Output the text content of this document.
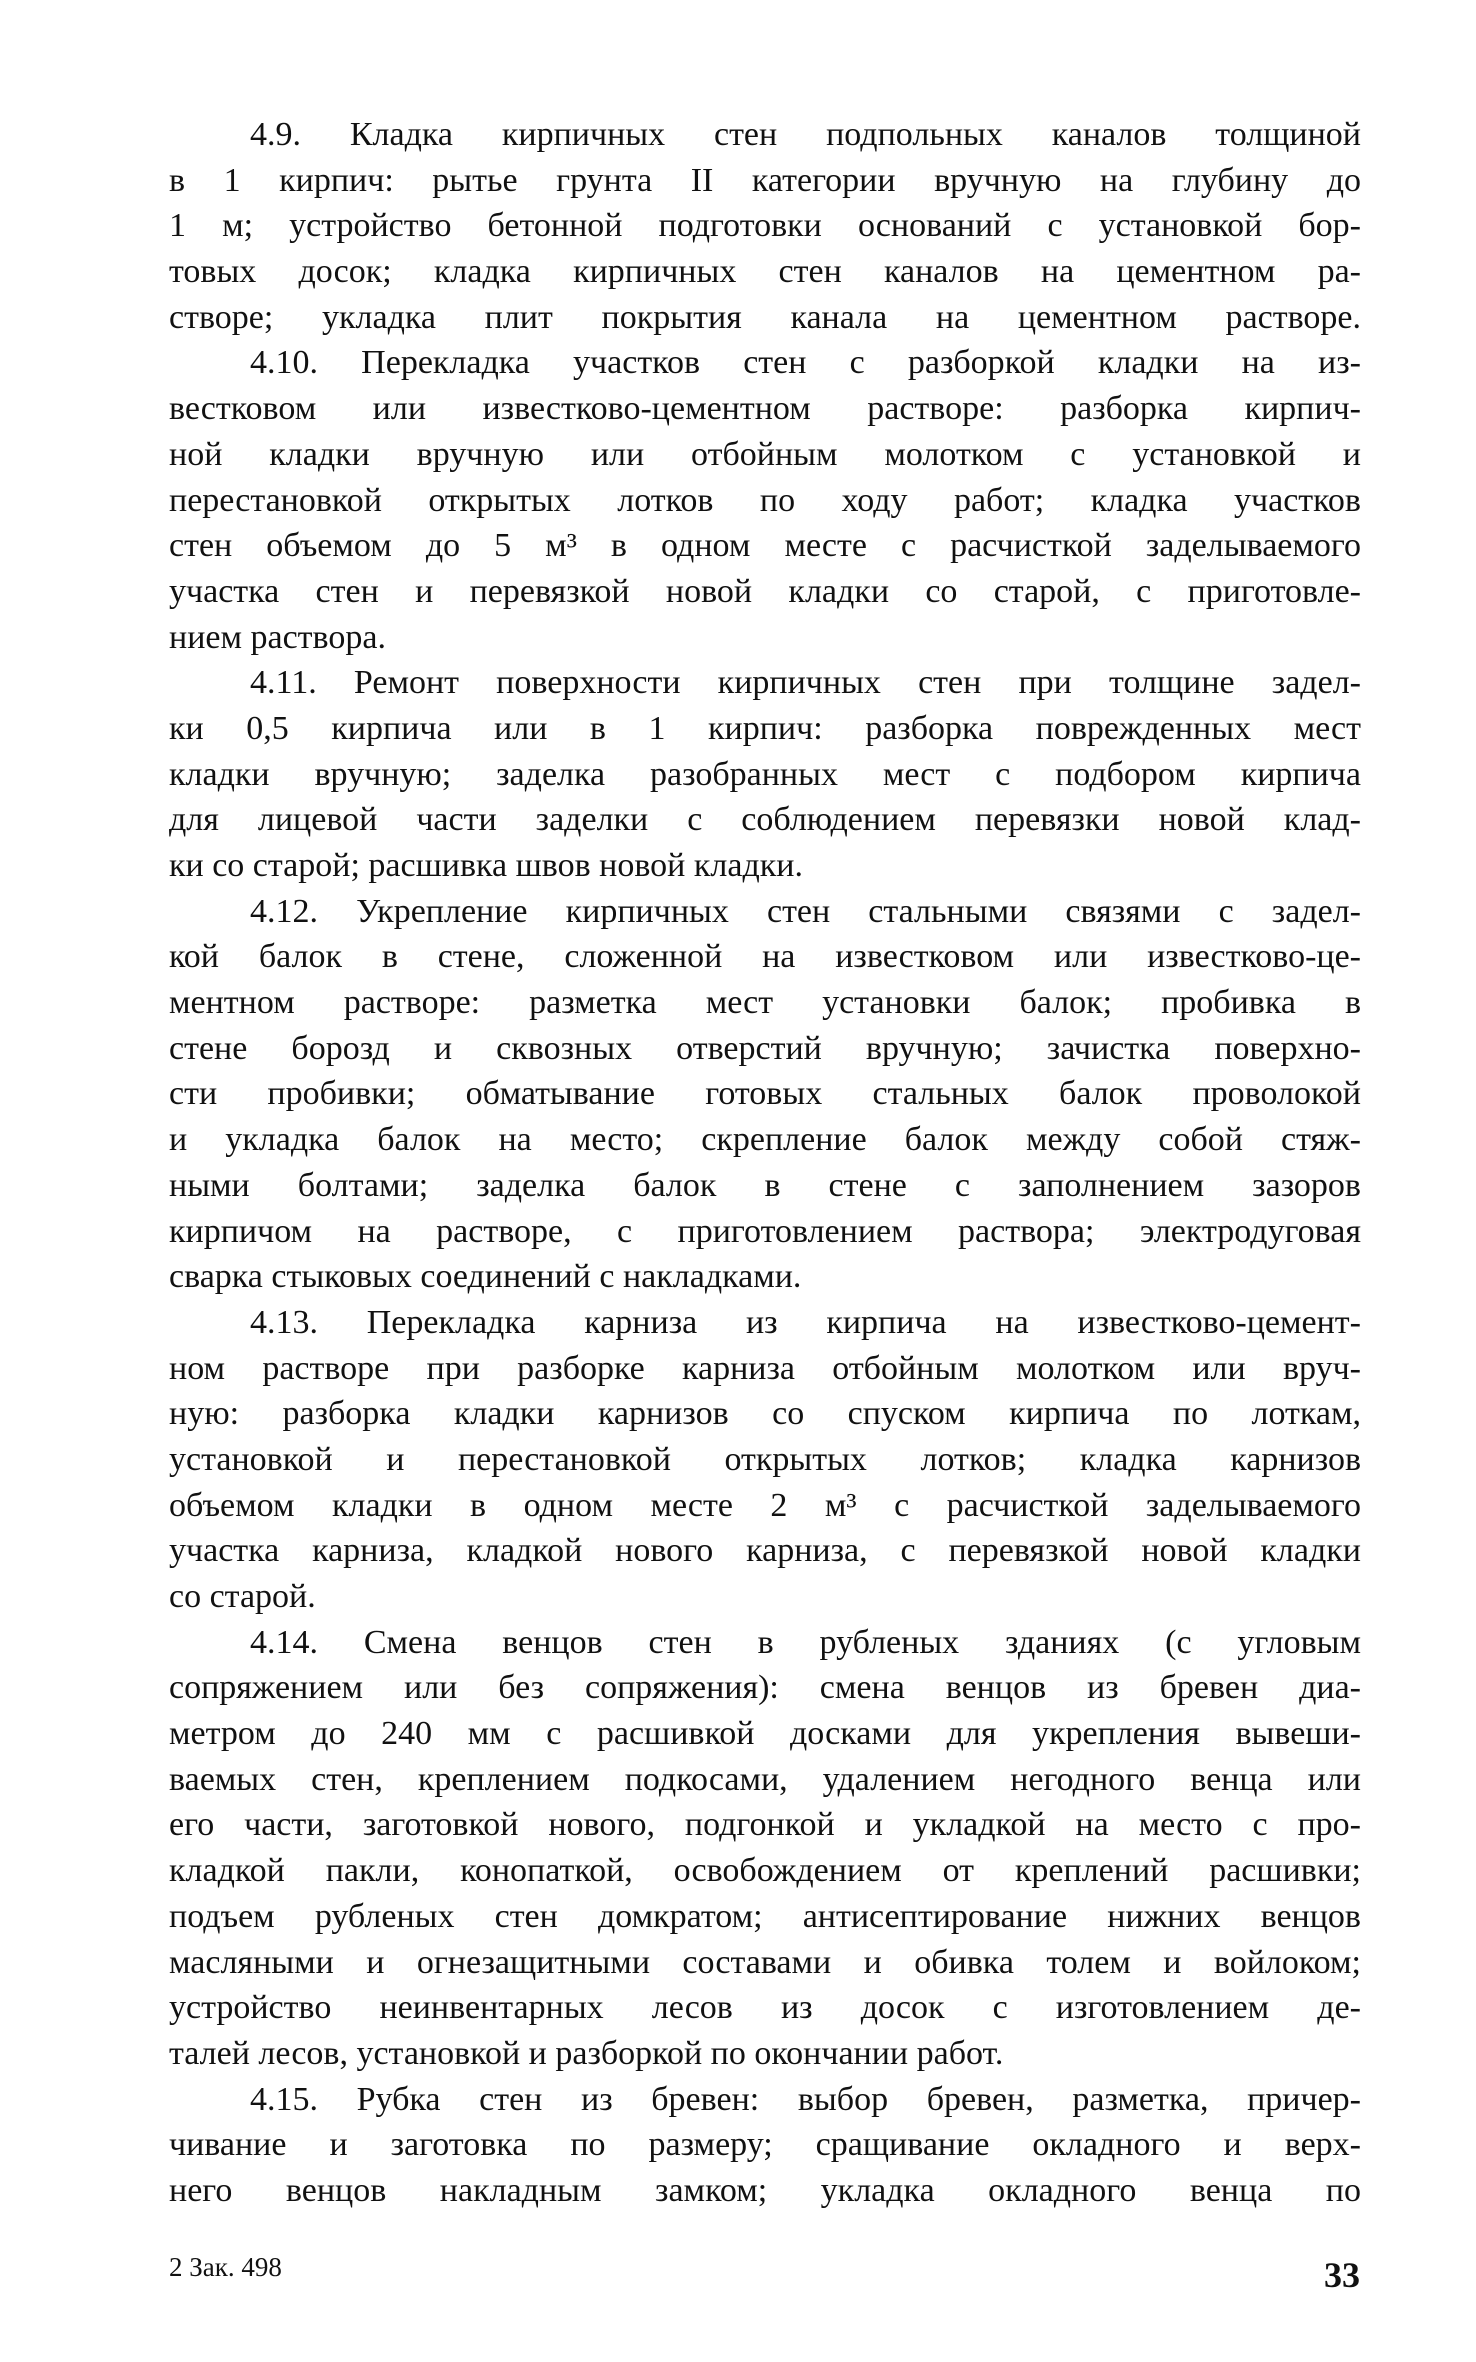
4.9. Кладка кирпичных стен подпольных каналов толщиной
в 1 кирпич: рытье грунта II категории вручную на глубину до
1 м; устройство бетонной подготовки оснований с установкой бор-
товых досок; кладка кирпичных стен каналов на цементном ра-
створе; укладка плит покрытия канала на цементном растворе.
4.10. Перекладка участков стен с разборкой кладки на из-
вестковом или известково-цементном растворе: разборка кирпич-
ной кладки вручную или отбойным молотком с установкой и
перестановкой открытых лотков по ходу работ; кладка участков
стен объемом до 5 м³ в одном месте с расчисткой заделываемого
участка стен и перевязкой новой кладки со старой, с приготовле-
нием раствора.
4.11. Ремонт поверхности кирпичных стен при толщине задел-
ки 0,5 кирпича или в 1 кирпич: разборка поврежденных мест
кладки вручную; заделка разобранных мест с подбором кирпича
для лицевой части заделки с соблюдением перевязки новой клад-
ки со старой; расшивка швов новой кладки.
4.12. Укрепление кирпичных стен стальными связями с задел-
кой балок в стене, сложенной на известковом или известково-це-
ментном растворе: разметка мест установки балок; пробивка в
стене борозд и сквозных отверстий вручную; зачистка поверхно-
сти пробивки; обматывание готовых стальных балок проволокой
и укладка балок на место; скрепление балок между собой стяж-
ными болтами; заделка балок в стене с заполнением зазоров
кирпичом на растворе, с приготовлением раствора; электродуговая
сварка стыковых соединений с накладками.
4.13. Перекладка карниза из кирпича на известково-цемент-
ном растворе при разборке карниза отбойным молотком или вруч-
ную: разборка кладки карнизов со спуском кирпича по лоткам,
установкой и перестановкой открытых лотков; кладка карнизов
объемом кладки в одном месте 2 м³ с расчисткой заделываемого
участка карниза, кладкой нового карниза, с перевязкой новой кладки
со старой.
4.14. Смена венцов стен в рубленых зданиях (с угловым
сопряжением или без сопряжения): смена венцов из бревен диа-
метром до 240 мм с расшивкой досками для укрепления вывеши-
ваемых стен, креплением подкосами, удалением негодного венца или
его части, заготовкой нового, подгонкой и укладкой на место с про-
кладкой пакли, конопаткой, освобождением от креплений расшивки;
подъем рубленых стен домкратом; антисептирование нижних венцов
масляными и огнезащитными составами и обивка толем и войлоком;
устройство неинвентарных лесов из досок с изготовлением де-
талей лесов, установкой и разборкой по окончании работ.
4.15. Рубка стен из бревен: выбор бревен, разметка, причер-
чивание и заготовка по размеру; сращивание окладного и верх-
него венцов накладным замком; укладка окладного венца по
2 Зак. 498	33
